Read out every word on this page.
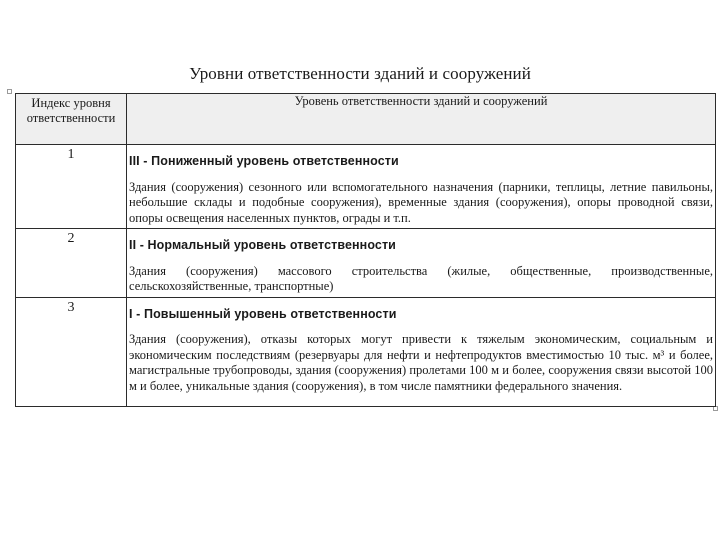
Уровни ответственности зданий и сооружений
Индекс уровня ответственности	Уровень ответственности зданий и сооружений

1	III - Пониженный уровень ответственности
Здания (сооружения) сезонного или вспомогательного назначения (парники, теплицы, летние павильоны, небольшие склады и подобные сооружения), временные здания (сооружения), опоры проводной связи, опоры освещения населенных пунктов, ограды и т.п.

2	II - Нормальный уровень ответственности
Здания (сооружения) массового строительства (жилые, общественные, производственные, сельскохозяйственные, транспортные)

3	I - Повышенный уровень ответственности
Здания (сооружения), отказы которых могут привести к тяжелым экономическим, социальным и экономическим последствиям (резервуары для нефти и нефтепродуктов вместимостью 10 тыс. м³ и более, магистральные трубопроводы, здания (сооружения) пролетами 100 м и более, сооружения связи высотой 100 м и более, уникальные здания (сооружения), в том числе памятники федерального значения.
